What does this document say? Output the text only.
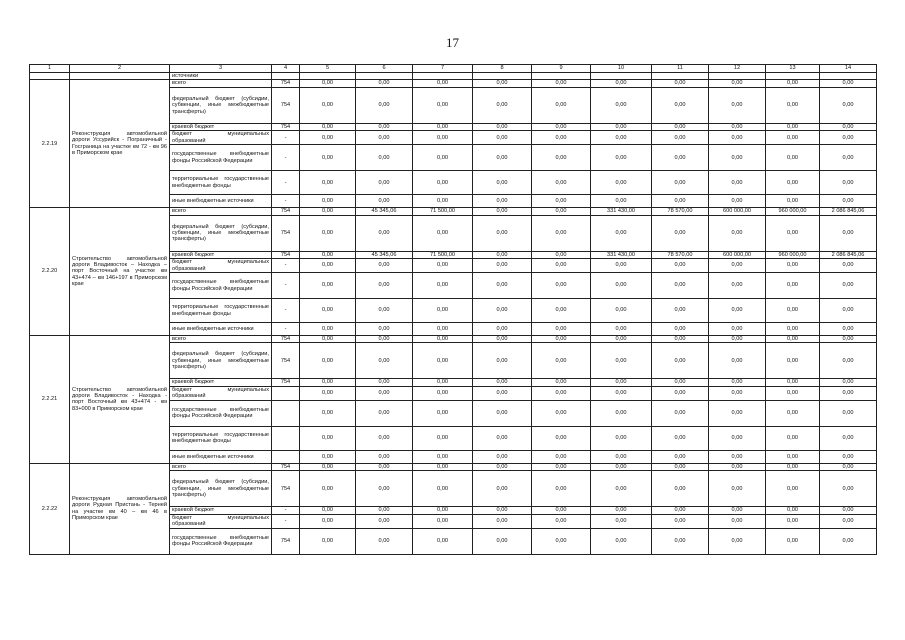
17
1	2	3	4	5	6	7	8	9	10	11	12	13	14
		источники											
2.2.19	Реконструкция автомобильной дороги Уссурийск - Пограничный - Госграница на участке км 72 - км 96 в Приморском крае	всего	754	0,00	0,00	0,00	0,00	0,00	0,00	0,00	0,00	0,00	0,00
		федеральный бюджет (субсидии, субвенции, иные межбюджетные трансферты)	754	0,00	0,00	0,00	0,00	0,00	0,00	0,00	0,00	0,00	0,00
		краевой бюджет	754	0,00	0,00	0,00	0,00	0,00	0,00	0,00	0,00	0,00	0,00
		бюджет муниципальных образований	-	0,00	0,00	0,00	0,00	0,00	0,00	0,00	0,00	0,00	0,00
		государственные внебюджетные фонды Российской Федерации	-	0,00	0,00	0,00	0,00	0,00	0,00	0,00	0,00	0,00	0,00
		территориальные государственные внебюджетные фонды	-	0,00	0,00	0,00	0,00	0,00	0,00	0,00	0,00	0,00	0,00
		иные внебюджетные источники	-	0,00	0,00	0,00	0,00	0,00	0,00	0,00	0,00	0,00	0,00
2.2.20	Строительство автомобильной дороги Владивосток – Находка – порт Восточный на участке км 43+474 – км 146+197 в Приморском крае	всего	754	0,00	45 345,06	71 500,00	0,00	0,00	331 430,00	78 570,00	600 000,00	960 000,00	2 086 845,06
		федеральный бюджет (субсидии, субвенции, иные межбюджетные трансферты)	754	0,00	0,00	0,00	0,00	0,00	0,00	0,00	0,00	0,00	0,00
		краевой бюджет	754	0,00	45 345,06	71 500,00	0,00	0,00	331 430,00	78 570,00	600 000,00	960 000,00	2 086 845,06
		бюджет муниципальных образований	-	0,00	0,00	0,00	0,00	0,00	0,00	0,00	0,00	0,00	0,00
		государственные внебюджетные фонды Российской Федерации	-	0,00	0,00	0,00	0,00	0,00	0,00	0,00	0,00	0,00	0,00
		территориальные государственные внебюджетные фонды	-	0,00	0,00	0,00	0,00	0,00	0,00	0,00	0,00	0,00	0,00
		иные внебюджетные источники	-	0,00	0,00	0,00	0,00	0,00	0,00	0,00	0,00	0,00	0,00
2.2.21	Строительство автомобильной дороги Владивосток - Находка - порт Восточный км 43+474 - км 83+000 в Приморском крае	всего	754	0,00	0,00	0,00	0,00	0,00	0,00	0,00	0,00	0,00	0,00
		федеральный бюджет (субсидии, субвенции, иные межбюджетные трансферты)	754	0,00	0,00	0,00	0,00	0,00	0,00	0,00	0,00	0,00	0,00
		краевой бюджет	754	0,00	0,00	0,00	0,00	0,00	0,00	0,00	0,00	0,00	0,00
		бюджет муниципальных образований		0,00	0,00	0,00	0,00	0,00	0,00	0,00	0,00	0,00	0,00
		государственные внебюджетные фонды Российской Федерации		0,00	0,00	0,00	0,00	0,00	0,00	0,00	0,00	0,00	0,00
		территориальные государственные внебюджетные фонды		0,00	0,00	0,00	0,00	0,00	0,00	0,00	0,00	0,00	0,00
		иные внебюджетные источники		0,00	0,00	0,00	0,00	0,00	0,00	0,00	0,00	0,00	0,00
2.2.22	Реконструкция автомобильной дороги Рудная Пристань - Терней на участке км 40 – км 46 в Приморском крае	всего	754	0,00	0,00	0,00	0,00	0,00	0,00	0,00	0,00	0,00	0,00
		федеральный бюджет (субсидии, субвенции, иные межбюджетные трансферты)	754	0,00	0,00	0,00	0,00	0,00	0,00	0,00	0,00	0,00	0,00
		краевой бюджет	-	0,00	0,00	0,00	0,00	0,00	0,00	0,00	0,00	0,00	0,00
		бюджет муниципальных образований	-	0,00	0,00	0,00	0,00	0,00	0,00	0,00	0,00	0,00	0,00
		государственные внебюджетные фонды Российской Федерации	754	0,00	0,00	0,00	0,00	0,00	0,00	0,00	0,00	0,00	0,00
